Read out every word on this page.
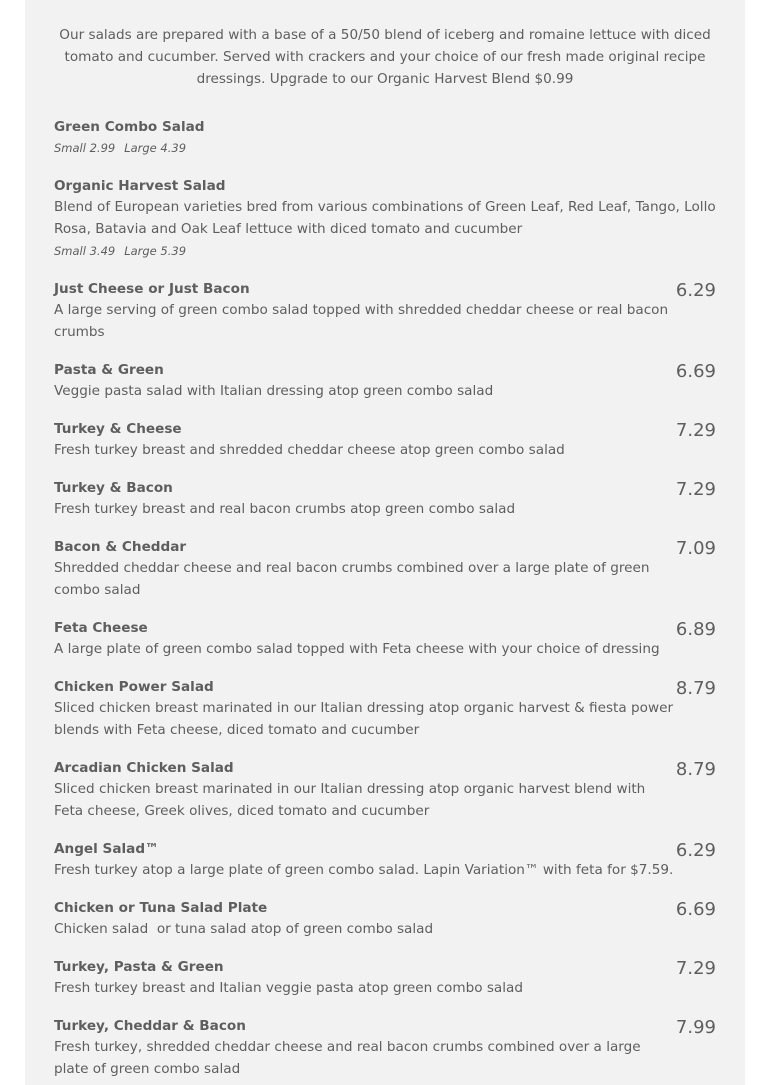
Our salads are prepared with a base of a 50/50 blend of iceberg and romaine lettuce with diced tomato and cucumber. Served with crackers and your choice of our fresh made original recipe dressings. Upgrade to our Organic Harvest Blend $0.99
Green Combo Salad
Small 2.99 Large 4.39
Organic Harvest Salad
Blend of European varieties bred from various combinations of Green Leaf, Red Leaf, Tango, Lollo Rosa, Batavia and Oak Leaf lettuce with diced tomato and cucumber
Small 3.49 Large 5.39
Just Cheese or Just Bacon
A large serving of green combo salad topped with shredded cheddar cheese or real bacon crumbs
6.29
Pasta & Green
Veggie pasta salad with Italian dressing atop green combo salad
6.69
Turkey & Cheese
Fresh turkey breast and shredded cheddar cheese atop green combo salad
7.29
Turkey & Bacon
Fresh turkey breast and real bacon crumbs atop green combo salad
7.29
Bacon & Cheddar
Shredded cheddar cheese and real bacon crumbs combined over a large plate of green combo salad
7.09
Feta Cheese
A large plate of green combo salad topped with Feta cheese with your choice of dressing
6.89
Chicken Power Salad
Sliced chicken breast marinated in our Italian dressing atop organic harvest & fiesta power blends with Feta cheese, diced tomato and cucumber
8.79
Arcadian Chicken Salad
Sliced chicken breast marinated in our Italian dressing atop organic harvest blend with Feta cheese, Greek olives, diced tomato and cucumber
8.79
Angel Salad™
Fresh turkey atop a large plate of green combo salad. Lapin Variation™ with feta for $7.59.
6.29
Chicken or Tuna Salad Plate
Chicken salad  or tuna salad atop of green combo salad
6.69
Turkey, Pasta & Green
Fresh turkey breast and Italian veggie pasta atop green combo salad
7.29
Turkey, Cheddar & Bacon
Fresh turkey, shredded cheddar cheese and real bacon crumbs combined over a large plate of green combo salad
7.99
